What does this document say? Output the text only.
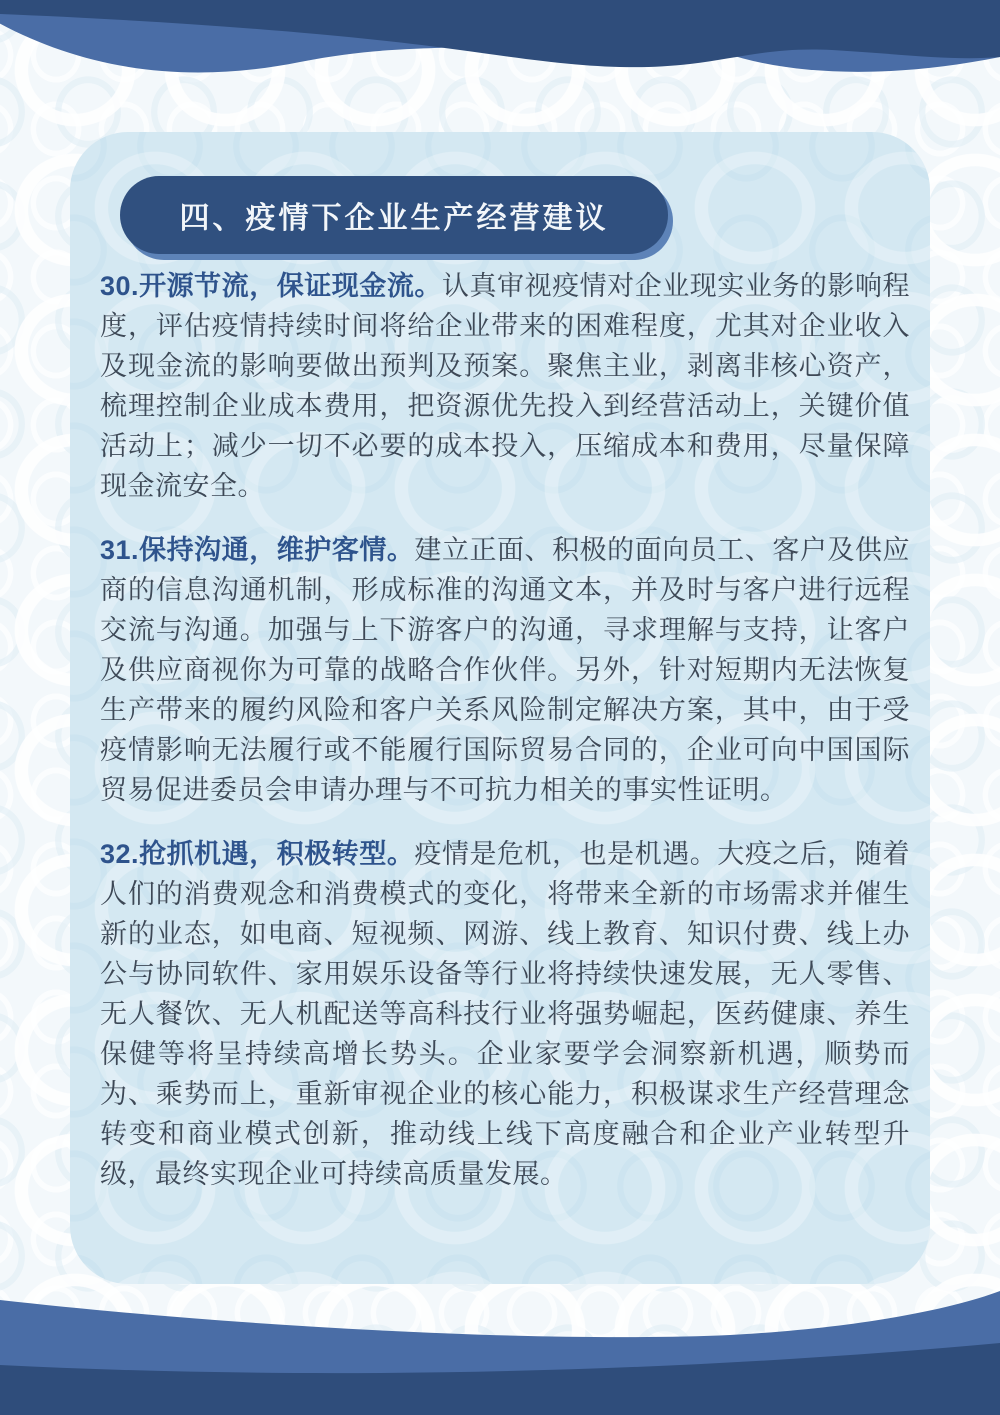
四、疫情下企业生产经营建议

30.开源节流，保证现金流。认真审视疫情对企业现实业务的影响程度，评估疫情持续时间将给企业带来的困难程度，尤其对企业收入及现金流的影响要做出预判及预案。聚焦主业，剥离非核心资产，梳理控制企业成本费用，把资源优先投入到经营活动上，关键价值活动上；减少一切不必要的成本投入，压缩成本和费用，尽量保障现金流安全。

31.保持沟通，维护客情。建立正面、积极的面向员工、客户及供应商的信息沟通机制，形成标准的沟通文本，并及时与客户进行远程交流与沟通。加强与上下游客户的沟通，寻求理解与支持，让客户及供应商视你为可靠的战略合作伙伴。另外，针对短期内无法恢复生产带来的履约风险和客户关系风险制定解决方案，其中，由于受疫情影响无法履行或不能履行国际贸易合同的，企业可向中国国际贸易促进委员会申请办理与不可抗力相关的事实性证明。

32.抢抓机遇，积极转型。疫情是危机，也是机遇。大疫之后，随着人们的消费观念和消费模式的变化，将带来全新的市场需求并催生新的业态，如电商、短视频、网游、线上教育、知识付费、线上办公与协同软件、家用娱乐设备等行业将持续快速发展，无人零售、无人餐饮、无人机配送等高科技行业将强势崛起，医药健康、养生保健等将呈持续高增长势头。企业家要学会洞察新机遇，顺势而为、乘势而上，重新审视企业的核心能力，积极谋求生产经营理念转变和商业模式创新，推动线上线下高度融合和企业产业转型升级，最终实现企业可持续高质量发展。
